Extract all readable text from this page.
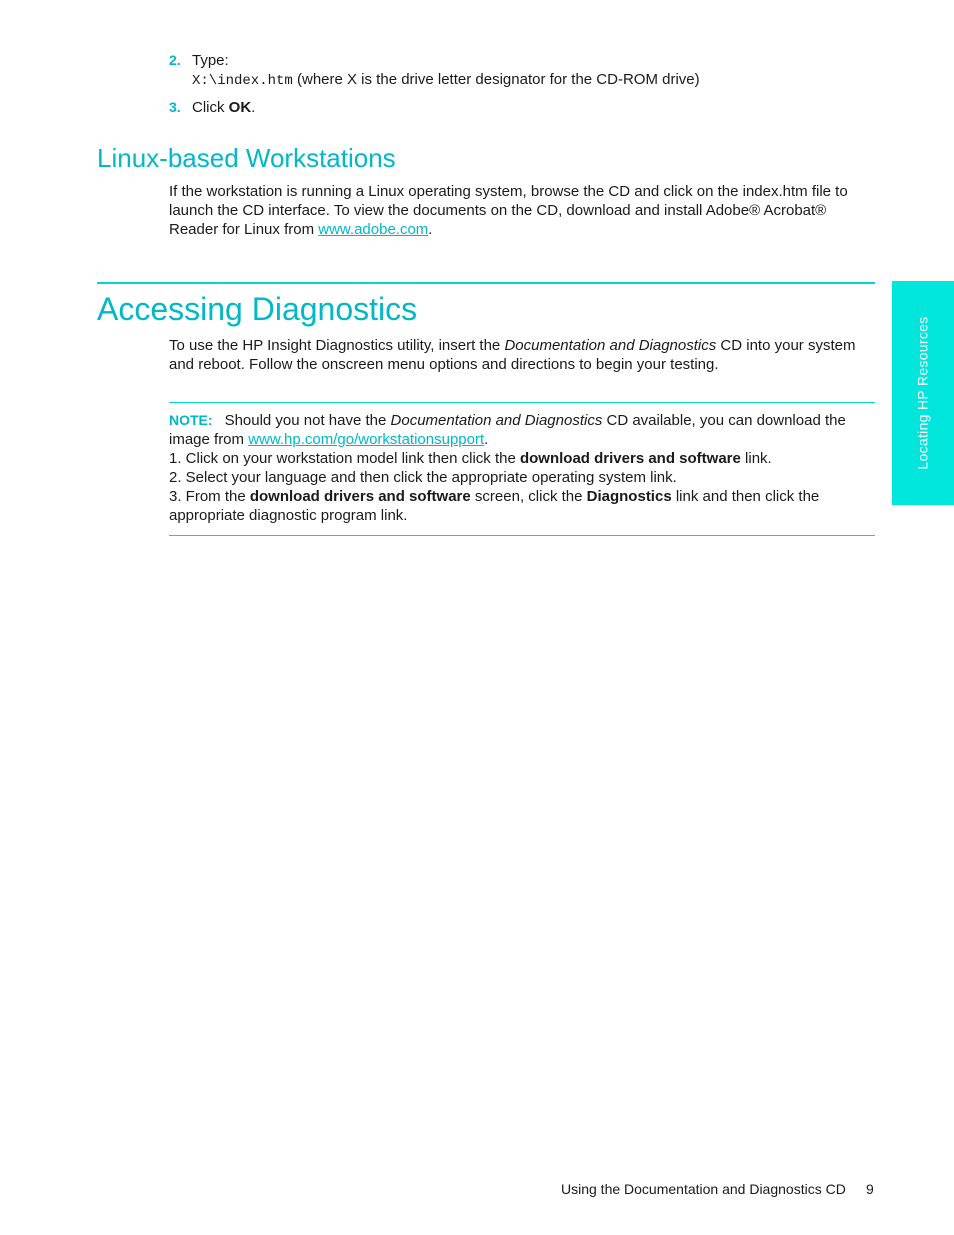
2. Type:
X:\index.htm (where X is the drive letter designator for the CD-ROM drive)
3. Click OK.
Linux-based Workstations

If the workstation is running a Linux operating system, browse the CD and click on the index.htm file to launch the CD interface. To view the documents on the CD, download and install Adobe® Acrobat® Reader for Linux from www.adobe.com.

Locating HP Resources
Accessing Diagnostics

To use the HP Insight Diagnostics utility, insert the Documentation and Diagnostics CD into your system and reboot. Follow the onscreen menu options and directions to begin your testing.

NOTE: Should you not have the Documentation and Diagnostics CD available, you can download the image from www.hp.com/go/workstationsupport.
1. Click on your workstation model link then click the download drivers and software link.
2. Select your language and then click the appropriate operating system link.
3. From the download drivers and software screen, click the Diagnostics link and then click the appropriate diagnostic program link.
Using the Documentation and Diagnostics CD 9
